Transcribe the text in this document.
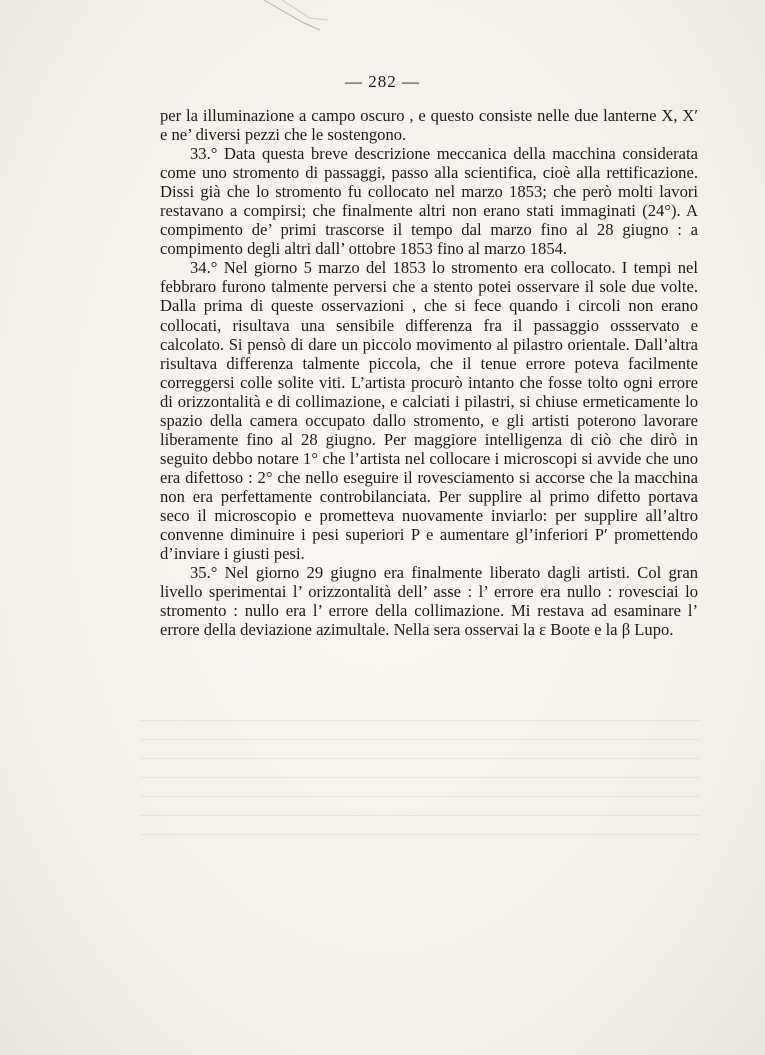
— 282 —

per la illuminazione a campo oscuro , e questo consiste nelle due lanterne X, X′ e ne’ diversi pezzi che le sostengono.

33.° Data questa breve descrizione meccanica della macchina considerata come uno stromento di passaggi, passo alla scientifica, cioè alla rettificazione. Dissi già che lo stromento fu collocato nel marzo 1853; che però molti lavori restavano a compirsi; che finalmente altri non erano stati immaginati (24°). A compimento de’ primi trascorse il tempo dal marzo fino al 28 giugno : a compimento degli altri dall’ ottobre 1853 fino al marzo 1854.

34.° Nel giorno 5 marzo del 1853 lo stromento era collocato. I tempi nel febbraro furono talmente perversi che a stento potei osservare il sole due volte. Dalla prima di queste osservazioni , che si fece quando i circoli non erano collocati, risultava una sensibile differenza fra il passaggio ossservato e calcolato. Si pensò di dare un piccolo movimento al pilastro orientale. Dall’altra risultava differenza talmente piccola, che il tenue errore poteva facilmente correggersi colle solite viti. L’artista procurò intanto che fosse tolto ogni errore di orizzontalità e di collimazione, e calciati i pilastri, si chiuse ermeticamente lo spazio della camera occupato dallo stromento, e gli artisti poterono lavorare liberamente fino al 28 giugno. Per maggiore intelligenza di ciò che dirò in seguito debbo notare 1° che l’artista nel collocare i microscopi si avvide che uno era difettoso : 2° che nello eseguire il rovesciamento si accorse che la macchina non era perfettamente controbilanciata. Per supplire al primo difetto portava seco il microscopio e prometteva nuovamente inviarlo: per supplire all’altro convenne diminuire i pesi superiori P e aumentare gl’inferiori P′ promettendo d’inviare i giusti pesi.

35.° Nel giorno 29 giugno era finalmente liberato dagli artisti. Col gran livello sperimentai l’ orizzontalità dell’ asse : l’ errore era nullo : rovesciai lo stromento : nullo era l’ errore della collimazione. Mi restava ad esaminare l’ errore della deviazione azimultale. Nella sera osservai la ε Boote e la β Lupo.
